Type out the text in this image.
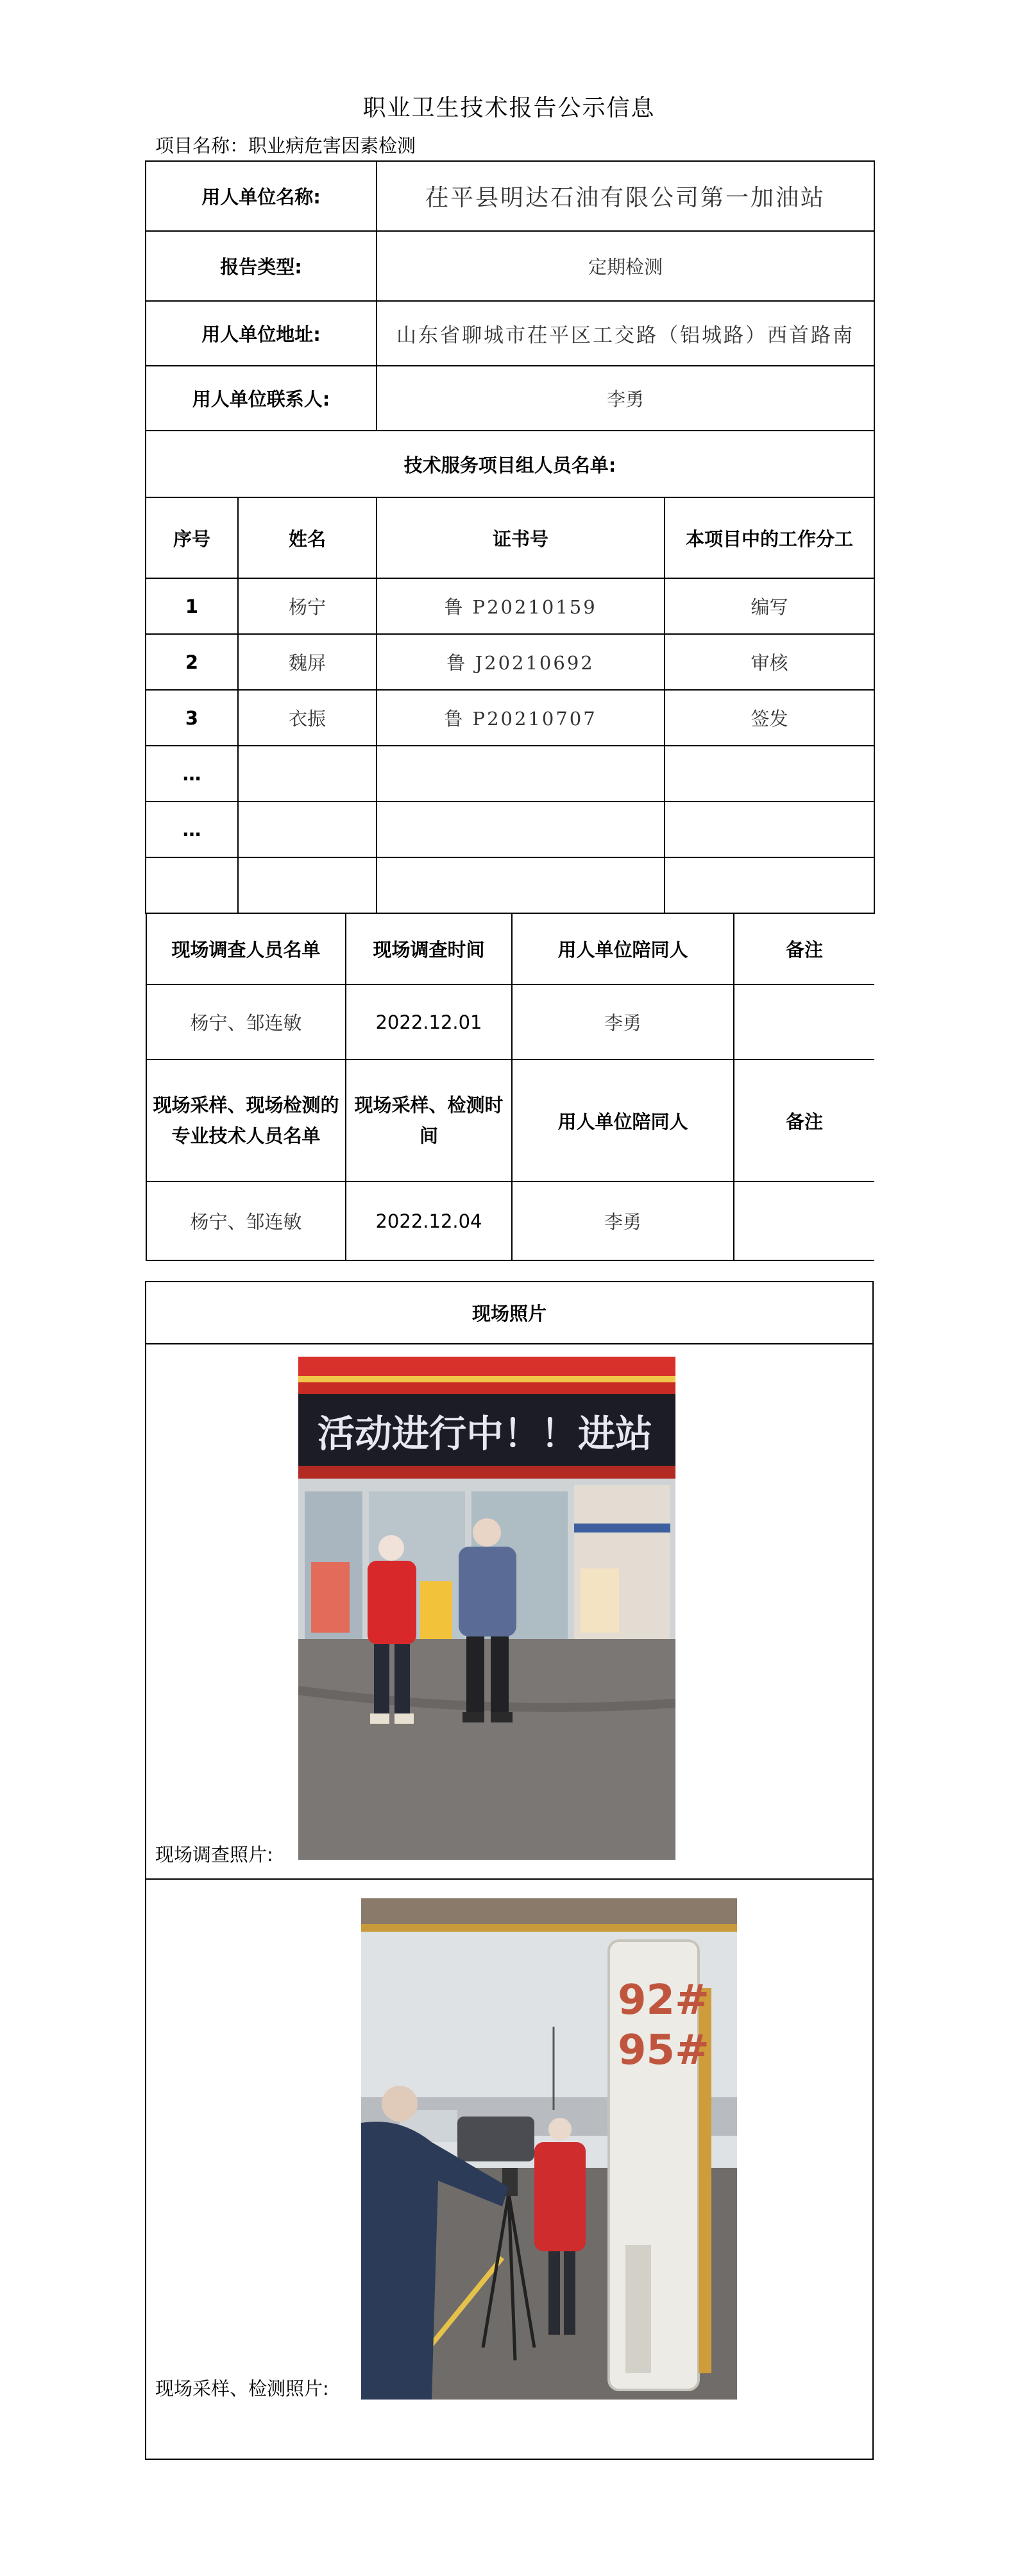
职业卫生技术报告公示信息
项目名称：职业病危害因素检测
用人单位名称:	茌平县明达石油有限公司第一加油站
报告类型:	定期检测
用人单位地址:	山东省聊城市茌平区工交路（铝城路）西首路南
用人单位联系人:	李勇
技术服务项目组人员名单:
序号	姓名	证书号	本项目中的工作分工
1	杨宁	鲁 P20210159	编写
2	魏屏	鲁 J20210692	审核
3	衣振	鲁 P20210707	签发
…			
…			

现场调查人员名单	现场调查时间	用人单位陪同人	备注
杨宁、邹连敏	2022.12.01	李勇	
现场采样、现场检测的专业技术人员名单	现场采样、检测时间	用人单位陪同人	备注
杨宁、邹连敏	2022.12.04	李勇	
现场照片

活动进行中！！进站
现场调查照片:
92#
95#
现场采样、检测照片:
